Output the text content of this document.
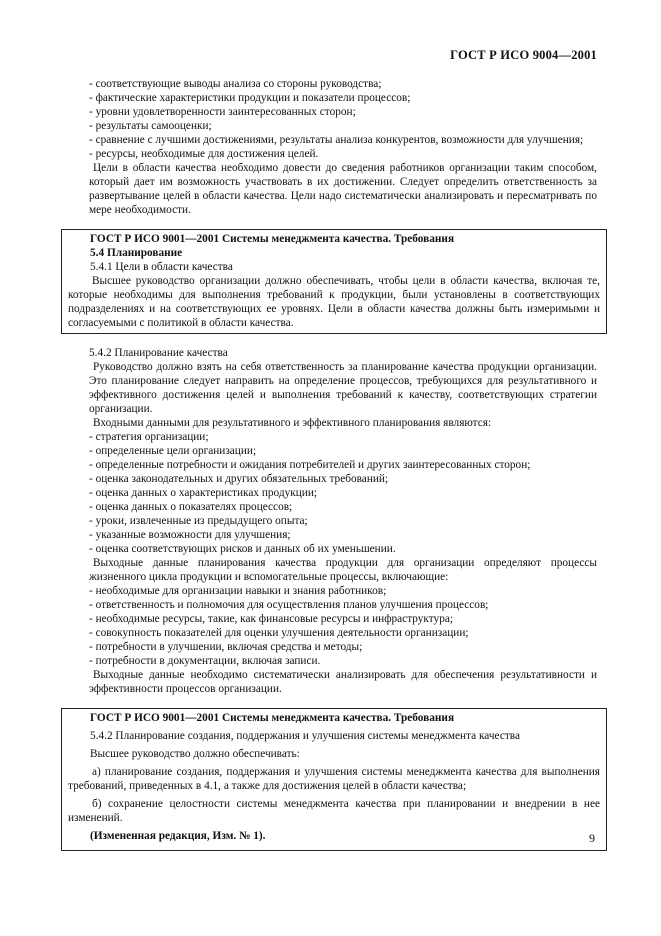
ГОСТ Р ИСО 9004—2001

- соответствующие выводы анализа со стороны руководства;

- фактические характеристики продукции и показатели процессов;

- уровни удовлетворенности заинтересованных сторон;

- результаты самооценки;

- сравнение с лучшими достижениями, результаты анализа конкурентов, возможности для улучшения;

- ресурсы, необходимые для достижения целей.

Цели в области качества необходимо довести до сведения работников организации таким способом, который дает им возможность участвовать в их достижении. Следует определить ответственность за развертывание целей в области качества. Цели надо систематически анализировать и пересматривать по мере необходимости.

ГОСТ Р ИСО 9001—2001 Системы менеджмента качества. Требования

5.4 Планирование

5.4.1 Цели в области качества

Высшее руководство организации должно обеспечивать, чтобы цели в области качества, включая те, которые необходимы для выполнения требований к продукции, были установлены в соответствующих подразделениях и на соответствующих ее уровнях. Цели в области качества должны быть измеримыми и согласуемыми с политикой в области качества.

5.4.2 Планирование качества

Руководство должно взять на себя ответственность за планирование качества продукции организации. Это планирование следует направить на определение процессов, требующихся для результативного и эффективного достижения целей и выполнения требований к качеству, соответствующих стратегии организации.

Входными данными для результативного и эффективного планирования являются:

- стратегия организации;

- определенные цели организации;

- определенные потребности и ожидания потребителей и других заинтересованных сторон;

- оценка законодательных и других обязательных требований;

- оценка данных о характеристиках продукции;

- оценка данных о показателях процессов;

- уроки, извлеченные из предыдущего опыта;

- указанные возможности для улучшения;

- оценка соответствующих рисков и данных об их уменьшении.

Выходные данные планирования качества продукции для организации определяют процессы жизненного цикла продукции и вспомогательные процессы, включающие:

- необходимые для организации навыки и знания работников;

- ответственность и полномочия для осуществления планов улучшения процессов;

- необходимые ресурсы, такие, как финансовые ресурсы и инфраструктура;

- совокупность показателей для оценки улучшения деятельности организации;

- потребности в улучшении, включая средства и методы;

- потребности в документации, включая записи.

Выходные данные необходимо систематически анализировать для обеспечения результативности и эффективности процессов организации.

ГОСТ Р ИСО 9001—2001 Системы менеджмента качества. Требования

5.4.2 Планирование создания, поддержания и улучшения системы менеджмента качества

Высшее руководство должно обеспечивать:

а) планирование создания, поддержания и улучшения системы менеджмента качества для выполнения требований, приведенных в 4.1, а также для достижения целей в области качества;

б) сохранение целостности системы менеджмента качества при планировании и внедрении в нее изменений.

(Измененная редакция, Изм. № 1).	9
